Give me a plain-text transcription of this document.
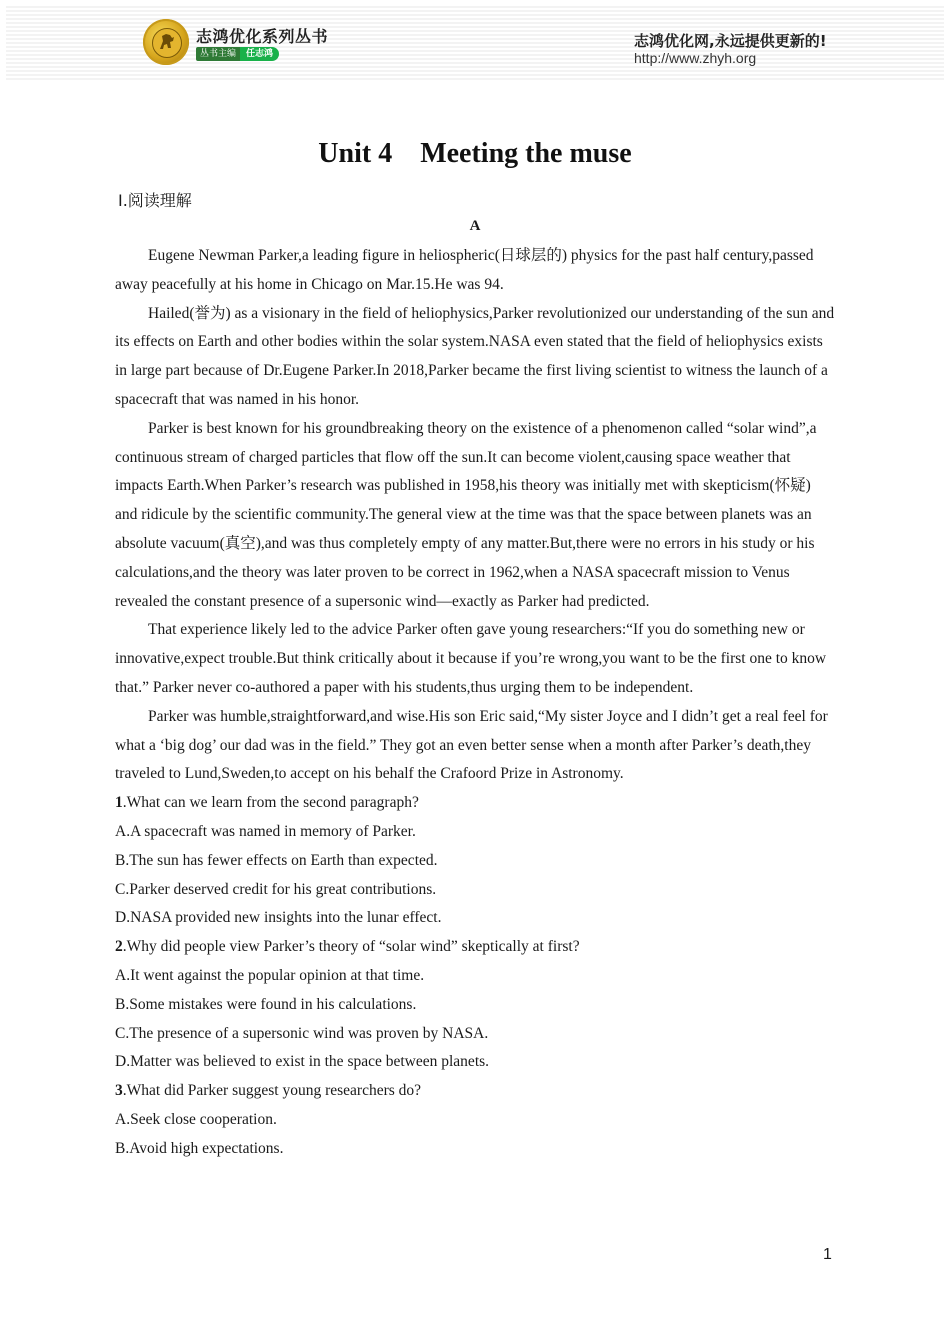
志鸿优化系列丛书
丛书主编	任志鸿
志鸿优化网,永远提供更新的!
http://www.zhyh.org
Unit 4    Meeting the muse
Ⅰ.阅读理解
A

Eugene Newman Parker,a leading figure in heliospheric(日球层的) physics for the past half century,passed away peacefully at his home in Chicago on Mar.15.He was 94.

Hailed(誉为) as a visionary in the field of heliophysics,Parker revolutionized our understanding of the sun and its effects on Earth and other bodies within the solar system.NASA even stated that the field of heliophysics exists in large part because of Dr.Eugene Parker.In 2018,Parker became the first living scientist to witness the launch of a spacecraft that was named in his honor.

Parker is best known for his groundbreaking theory on the existence of a phenomenon called “solar wind”,a continuous stream of charged particles that flow off the sun.It can become violent,causing space weather that impacts Earth.When Parker’s research was published in 1958,his theory was initially met with skepticism(怀疑) and ridicule by the scientific community.The general view at the time was that the space between planets was an absolute vacuum(真空),and was thus completely empty of any matter.But,there were no errors in his study or his calculations,and the theory was later proven to be correct in 1962,when a NASA spacecraft mission to Venus revealed the constant presence of a supersonic wind—exactly as Parker had predicted.

That experience likely led to the advice Parker often gave young researchers:“If you do something new or innovative,expect trouble.But think critically about it because if you’re wrong,you want to be the first one to know that.” Parker never co-authored a paper with his students,thus urging them to be independent.

Parker was humble,straightforward,and wise.His son Eric said,“My sister Joyce and I didn’t get a real feel for what a ‘big dog’ our dad was in the field.” They got an even better sense when a month after Parker’s death,they traveled to Lund,Sweden,to accept on his behalf the Crafoord Prize in Astronomy.

1.What can we learn from the second paragraph?

A.A spacecraft was named in memory of Parker.

B.The sun has fewer effects on Earth than expected.

C.Parker deserved credit for his great contributions.

D.NASA provided new insights into the lunar effect.

2.Why did people view Parker’s theory of “solar wind” skeptically at first?

A.It went against the popular opinion at that time.

B.Some mistakes were found in his calculations.

C.The presence of a supersonic wind was proven by NASA.

D.Matter was believed to exist in the space between planets.

3.What did Parker suggest young researchers do?

A.Seek close cooperation.

B.Avoid high expectations.

1
